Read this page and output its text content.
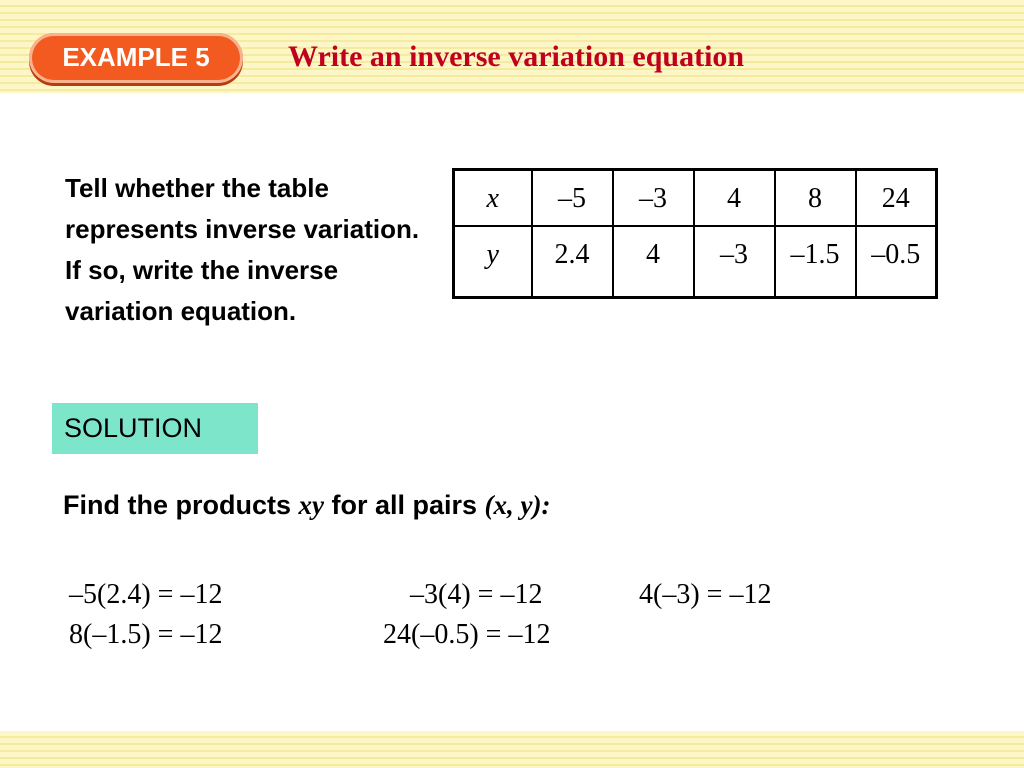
EXAMPLE 5	Write an inverse variation equation
Tell whether the table represents inverse variation. If so, write the inverse variation equation.
x	–5	–3	4	8	24
y	2.4	4	–3	–1.5	–0.5
SOLUTION
Find the products xy for all pairs (x, y):
–5(2.4) = –12	–3(4) = –12	4(–3) = –12
8(–1.5) = –12	24(–0.5) = –12
